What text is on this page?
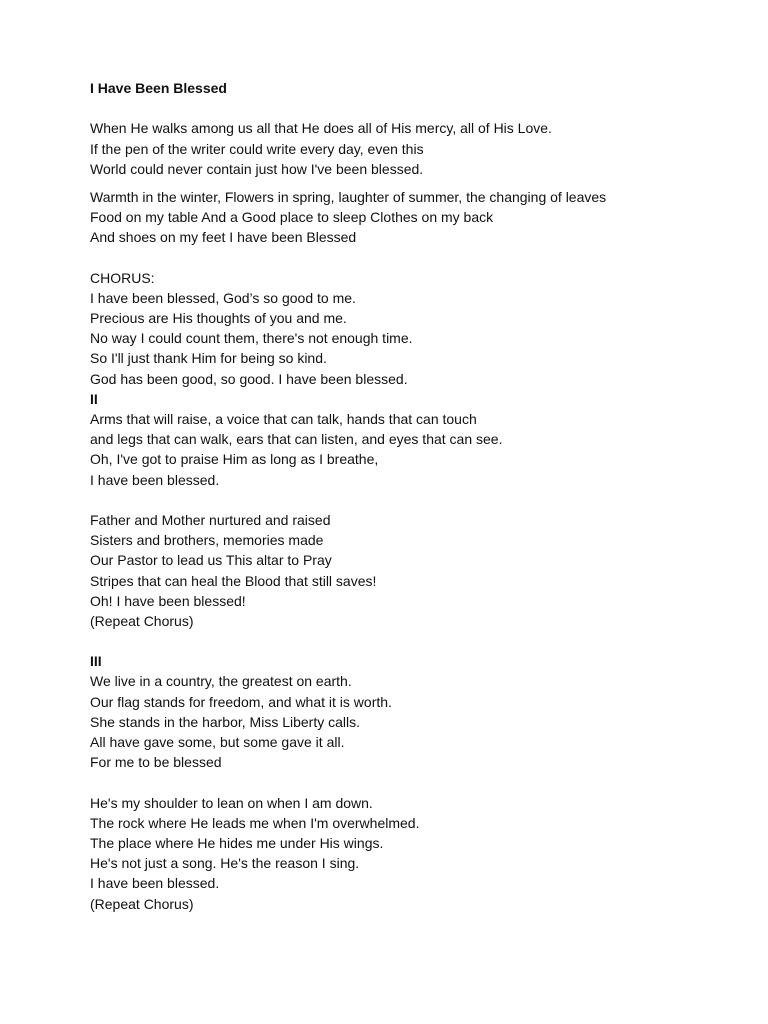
I Have Been Blessed
When He walks among us all that He does all of His mercy, all of His Love.
If the pen of the writer could write every day, even this
World could never contain just how I've been blessed.
Warmth in the winter, Flowers in spring, laughter of summer, the changing of leaves
Food on my table And a Good place to sleep Clothes on my back
And shoes on my feet I have been Blessed
CHORUS:
I have been blessed, God’s so good to me.
Precious are His thoughts of you and me.
No way I could count them, there's not enough time.
So I'll just thank Him for being so kind.
God has been good, so good. I have been blessed.
II
Arms that will raise, a voice that can talk, hands that can touch
and legs that can walk, ears that can listen, and eyes that can see.
Oh, I've got to praise Him as long as I breathe,
I have been blessed.
Father and Mother nurtured and raised
Sisters and brothers, memories made
Our Pastor to lead us This altar to Pray
Stripes that can heal the Blood that still saves!
Oh! I have been blessed!
(Repeat Chorus)
III
We live in a country, the greatest on earth.
Our flag stands for freedom, and what it is worth.
She stands in the harbor, Miss Liberty calls.
All have gave some, but some gave it all.
For me to be blessed
He's my shoulder to lean on when I am down.
The rock where He leads me when I'm overwhelmed.
The place where He hides me under His wings.
He's not just a song. He's the reason I sing.
I have been blessed.
(Repeat Chorus)
